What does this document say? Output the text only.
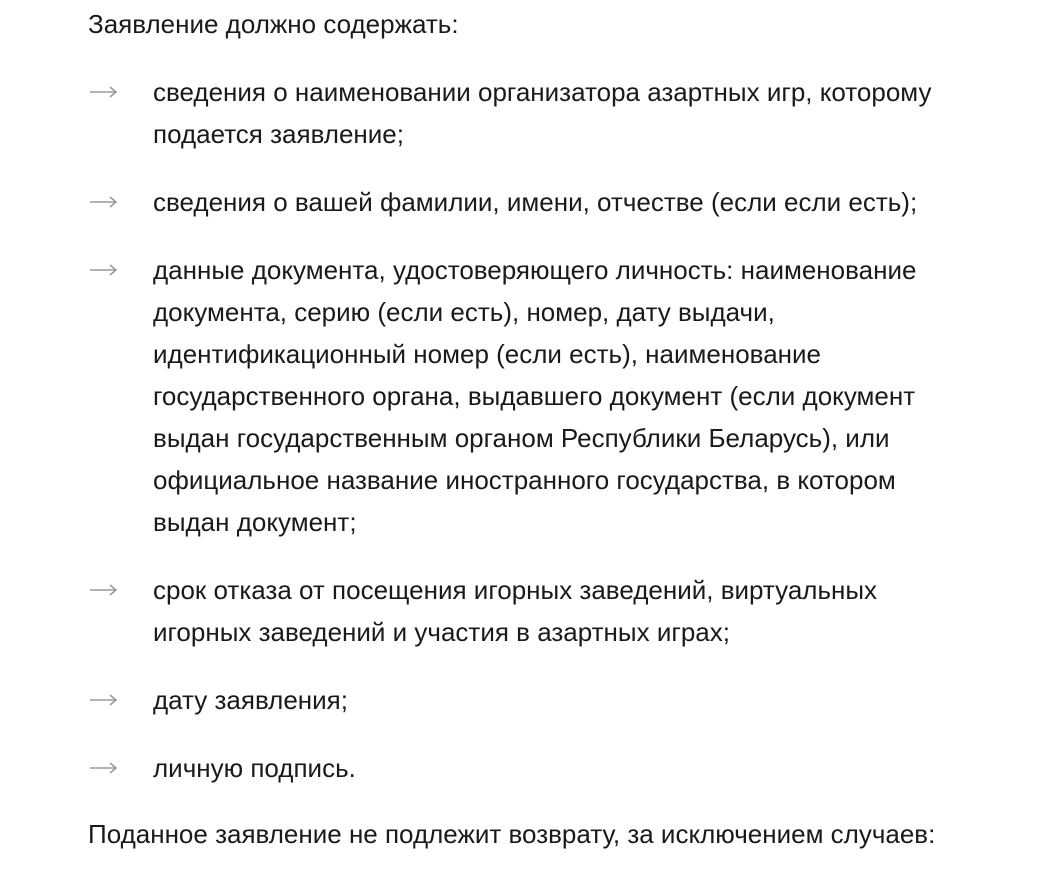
Заявление должно содержать:

сведения о наименовании организатора азартных игр, которому подается заявление;
сведения о вашей фамилии, имени, отчестве (если если есть);
данные документа, удостоверяющего личность: наименование документа, серию (если есть), номер, дату выдачи, идентификационный номер (если есть), наименование государственного органа, выдавшего документ (если документ выдан государственным органом Республики Беларусь), или официальное название иностранного государства, в котором выдан документ;
срок отказа от посещения игорных заведений, виртуальных игорных заведений и участия в азартных играх;
дату заявления;
личную подпись.

Поданное заявление не подлежит возврату, за исключением случаев:
